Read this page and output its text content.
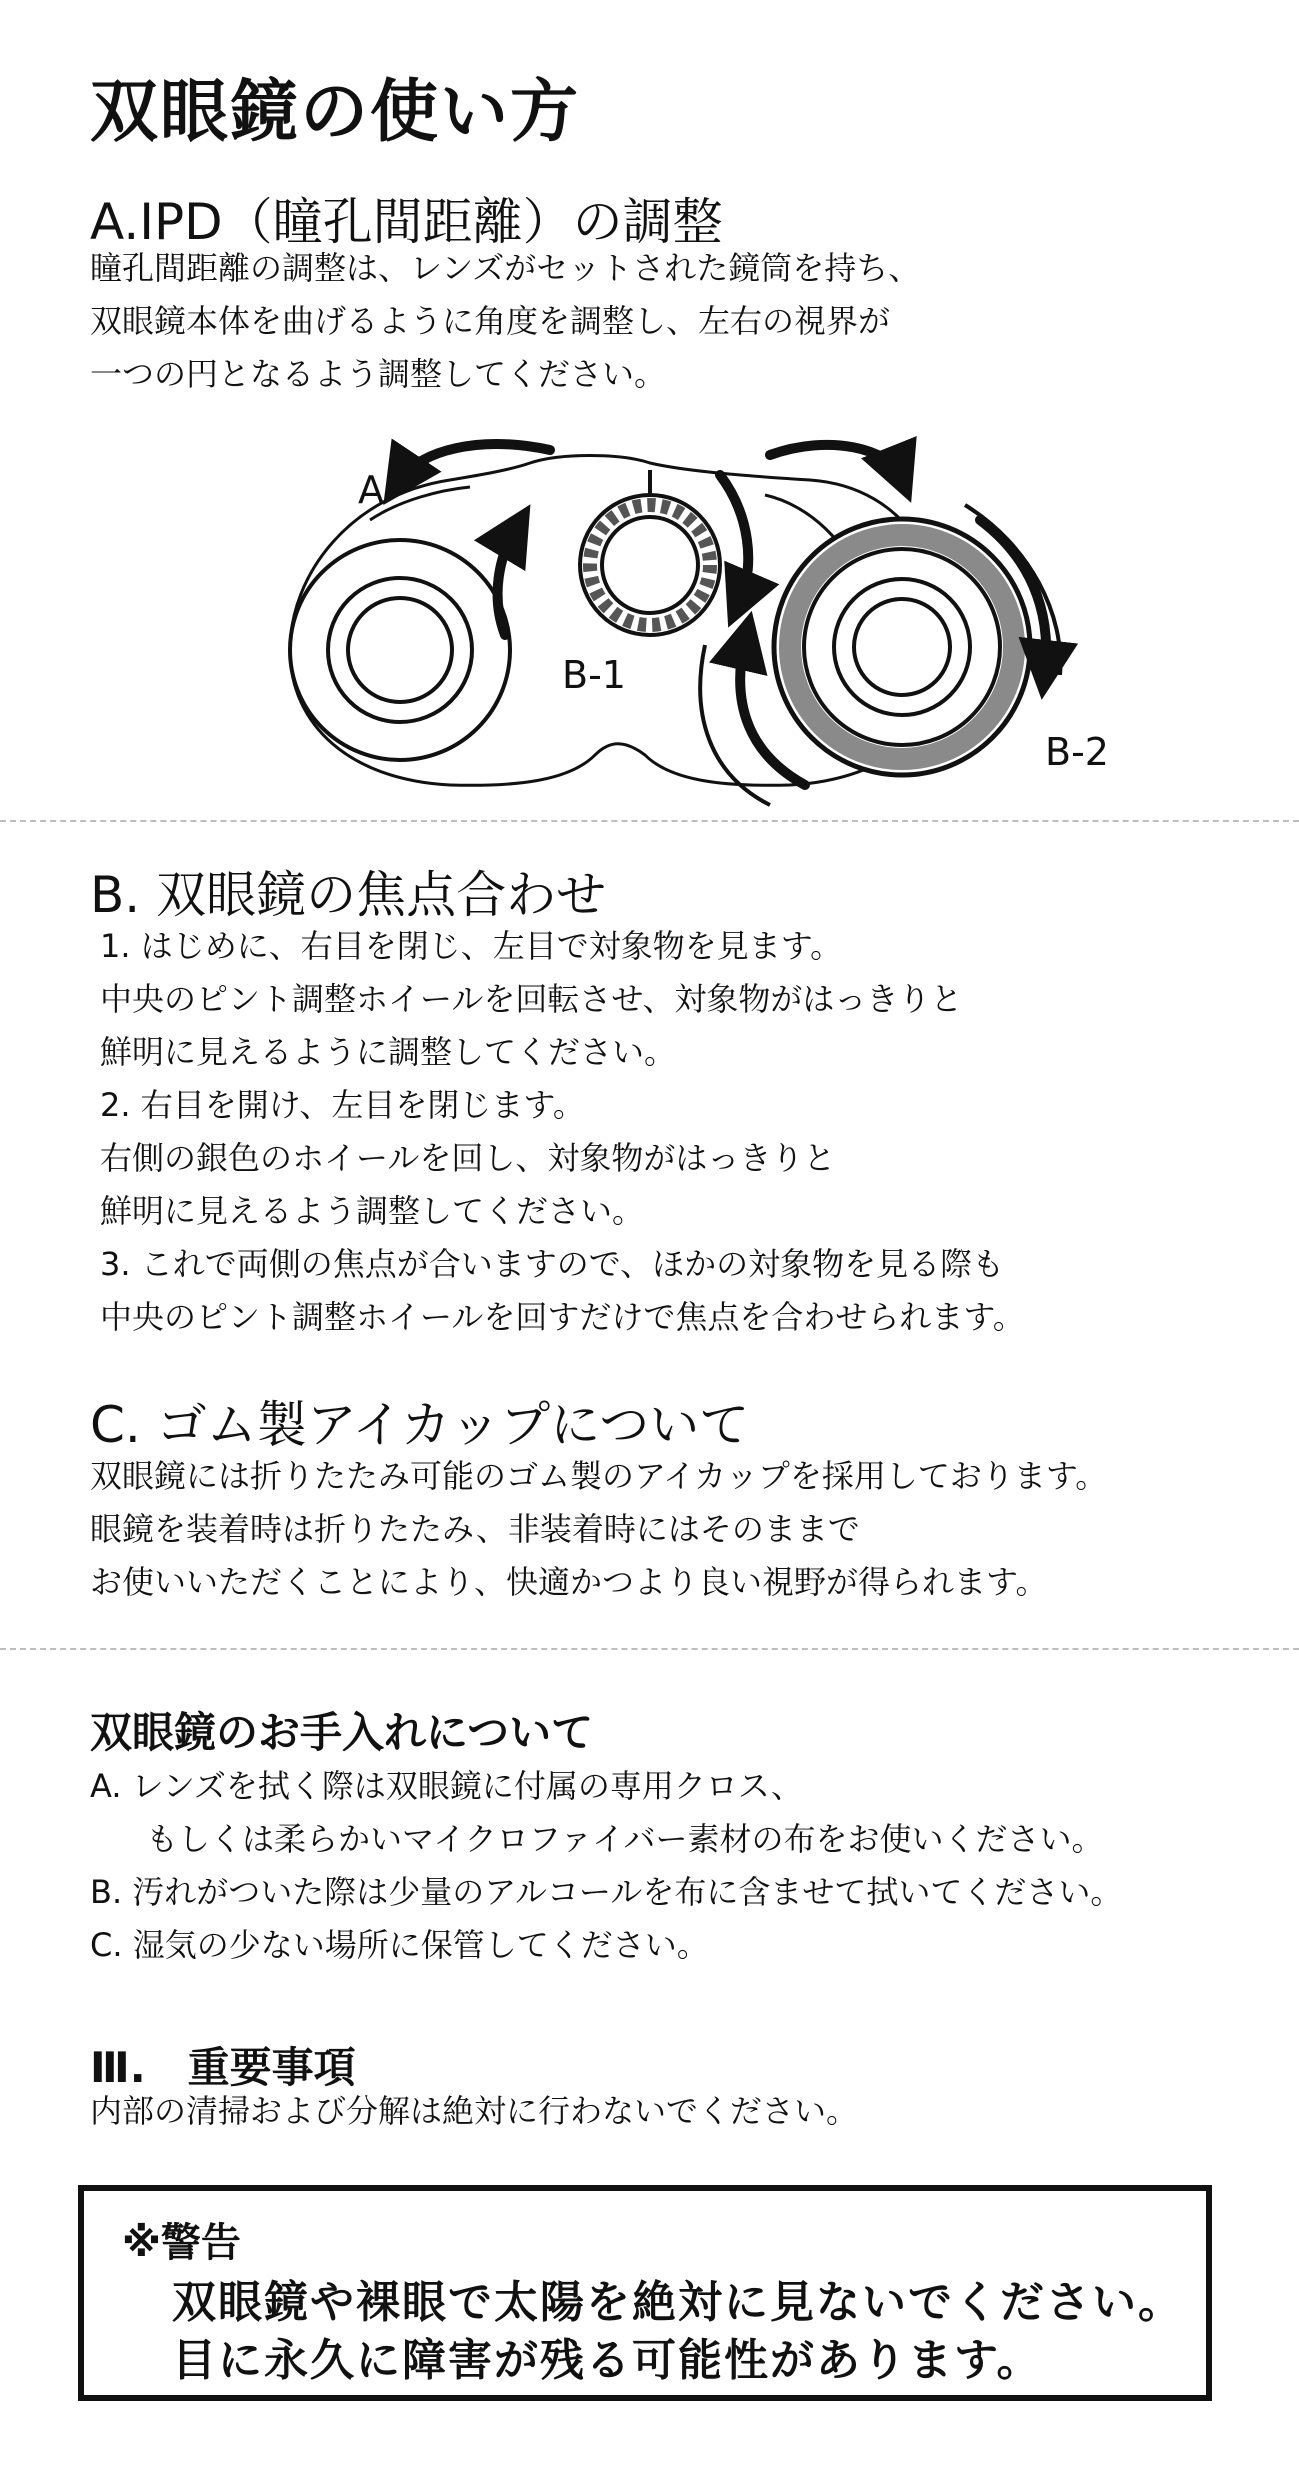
双眼鏡の使い方
A.IPD（瞳孔間距離）の調整
瞳孔間距離の調整は、レンズがセットされた鏡筒を持ち、
双眼鏡本体を曲げるように角度を調整し、左右の視界が
一つの円となるよう調整してください。
A
B-1
B-2
B. 双眼鏡の焦点合わせ
1. はじめに、右目を閉じ、左目で対象物を見ます。
中央のピント調整ホイールを回転させ、対象物がはっきりと
鮮明に見えるように調整してください。
2. 右目を開け、左目を閉じます。
右側の銀色のホイールを回し、対象物がはっきりと
鮮明に見えるよう調整してください。
3. これで両側の焦点が合いますので、ほかの対象物を見る際も
中央のピント調整ホイールを回すだけで焦点を合わせられます。
C. ゴム製アイカップについて
双眼鏡には折りたたみ可能のゴム製のアイカップを採用しております。
眼鏡を装着時は折りたたみ、非装着時にはそのままで
お使いいただくことにより、快適かつより良い視野が得られます。
双眼鏡のお手入れについて
A. レンズを拭く際は双眼鏡に付属の専用クロス、
もしくは柔らかいマイクロファイバー素材の布をお使いください。
B. 汚れがついた際は少量のアルコールを布に含ませて拭いてください。
C. 湿気の少ない場所に保管してください。
Ⅲ.　重要事項
内部の清掃および分解は絶対に行わないでください。
※警告
双眼鏡や裸眼で太陽を絶対に見ないでください。
目に永久に障害が残る可能性があります。
